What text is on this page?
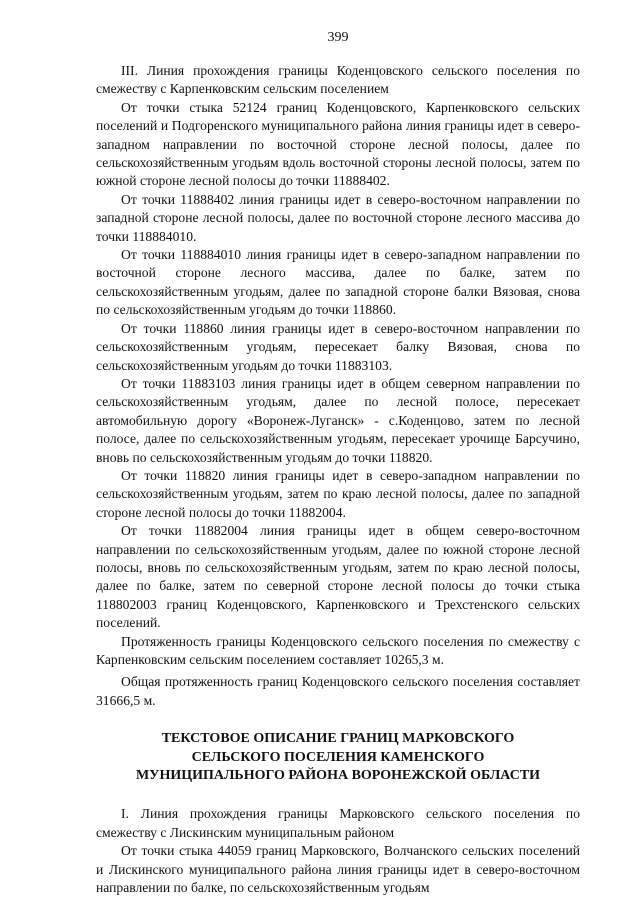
399

III. Линия прохождения границы Коденцовского сельского поселения по смежеству с Карпенковским сельским поселением

От точки стыка 52124 границ Коденцовского, Карпенковского сельских поселений и Подгоренского муниципального района линия границы идет в северо-западном направлении по восточной стороне лесной полосы, далее по сельскохозяйственным угодьям вдоль восточной стороны лесной полосы, затем по южной стороне лесной полосы до точки 11888402.

От точки 11888402 линия границы идет в северо-восточном направлении по западной стороне лесной полосы, далее по восточной стороне лесного массива до точки 118884010.

От точки 118884010 линия границы идет в северо-западном направлении по восточной стороне лесного массива, далее по балке, затем по сельскохозяйственным угодьям, далее по западной стороне балки Вязовая, снова по сельскохозяйственным угодьям до точки 118860.

От точки 118860 линия границы идет в северо-восточном направлении по сельскохозяйственным угодьям, пересекает балку Вязовая, снова по сельскохозяйственным угодьям до точки 11883103.

От точки 11883103 линия границы идет в общем северном направлении по сельскохозяйственным угодьям, далее по лесной полосе, пересекает автомобильную дорогу «Воронеж-Луганск» - с.Коденцово, затем по лесной полосе, далее по сельскохозяйственным угодьям, пересекает урочище Барсучино, вновь по сельскохозяйственным угодьям до точки 118820.

От точки 118820 линия границы идет в северо-западном направлении по сельскохозяйственным угодьям, затем по краю лесной полосы, далее по западной стороне лесной полосы до точки 11882004.

От точки 11882004 линия границы идет в общем северо-восточном направлении по сельскохозяйственным угодьям, далее по южной стороне лесной полосы, вновь по сельскохозяйственным угодьям, затем по краю лесной полосы, далее по балке, затем по северной стороне лесной полосы до точки стыка 118802003 границ Коденцовского, Карпенковского и Трехстенского сельских поселений.

Протяженность границы Коденцовского сельского поселения по смежеству с Карпенковским сельским поселением составляет 10265,3 м.

Общая протяженность границ Коденцовского сельского поселения составляет 31666,5 м.

ТЕКСТОВОЕ ОПИСАНИЕ ГРАНИЦ МАРКОВСКОГО
СЕЛЬСКОГО ПОСЕЛЕНИЯ КАМЕНСКОГО
МУНИЦИПАЛЬНОГО РАЙОНА ВОРОНЕЖСКОЙ ОБЛАСТИ

I. Линия прохождения границы Марковского сельского поселения по смежеству с Лискинским муниципальным районом

От точки стыка 44059 границ Марковского, Волчанского сельских поселений и Лискинского муниципального района линия границы идет в северо-восточном направлении по балке, по сельскохозяйственным угодьям
